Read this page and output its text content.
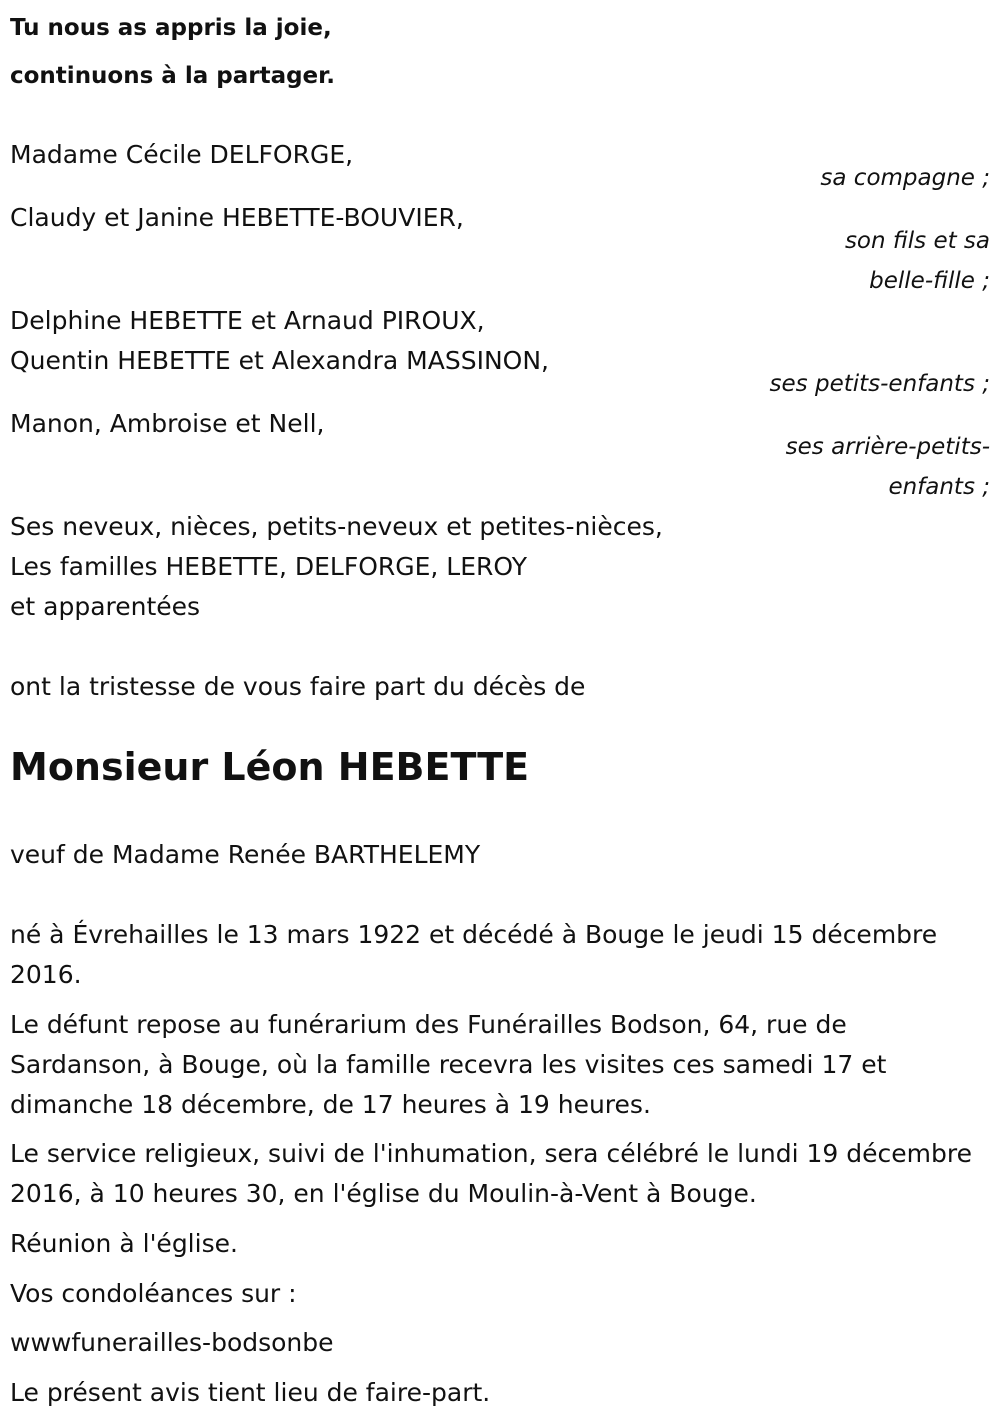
Tu nous as appris la joie,

continuons à la partager.

Madame Cécile DELFORGE,

sa compagne ;

Claudy et Janine HEBETTE-BOUVIER,

son fils et sa

belle-fille ;

Delphine HEBETTE et Arnaud PIROUX,

Quentin HEBETTE et Alexandra MASSINON,

ses petits-enfants ;

Manon, Ambroise et Nell,

ses arrière-petits-

enfants ;

Ses neveux, nièces, petits-neveux et petites-nièces,

Les familles HEBETTE, DELFORGE, LEROY

et apparentées

ont la tristesse de vous faire part du décès de

Monsieur Léon HEBETTE

veuf de Madame Renée BARTHELEMY

né à Évrehailles le 13 mars 1922 et décédé à Bouge le jeudi 15 décembre 2016.

Le défunt repose au funérarium des Funérailles Bodson, 64, rue de Sardanson, à Bouge, où la famille recevra les visites ces samedi 17 et dimanche 18 décembre, de 17 heures à 19 heures.

Le service religieux, suivi de l'inhumation, sera célébré le lundi 19 décembre 2016, à 10 heures 30, en l'église du Moulin-à-Vent à Bouge.

Réunion à l'église.

Vos condoléances sur :

wwwfunerailles-bodsonbe

Le présent avis tient lieu de faire-part.
